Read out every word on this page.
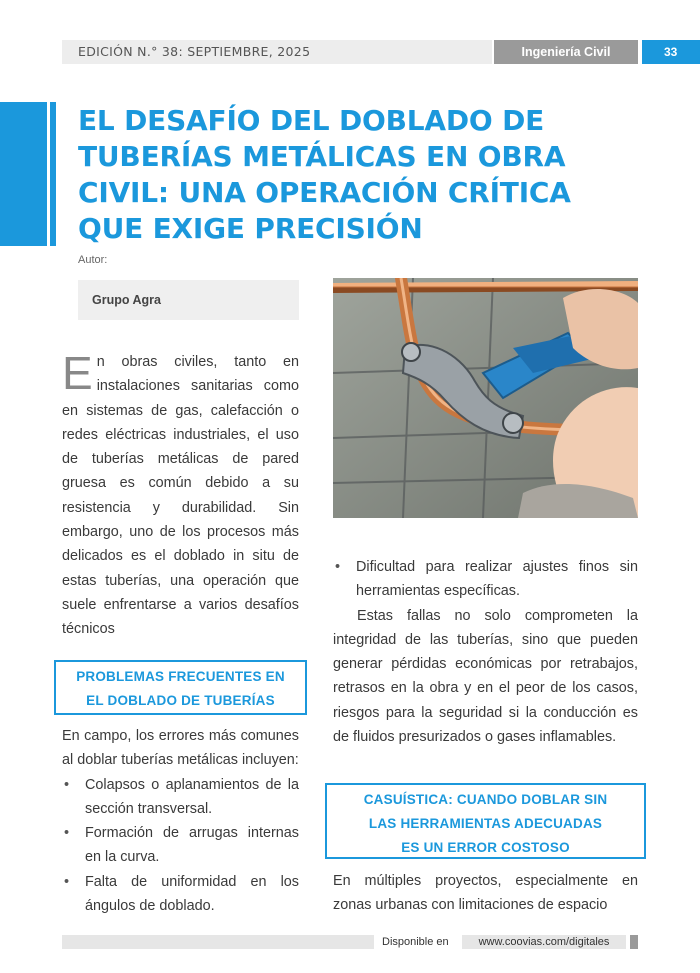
EDICIÓN N.° 38: SEPTIEMBRE, 2025	Ingeniería Civil	33
EL DESAFÍO DEL DOBLADO DE TUBERÍAS METÁLICAS EN OBRA CIVIL: UNA OPERACIÓN CRÍTICA QUE EXIGE PRECISIÓN
Autor:
Grupo Agra
En obras civiles, tanto en instalaciones sanitarias como en sistemas de gas, calefacción o redes eléctricas industriales, el uso de tuberías metálicas de pared gruesa es común debido a su resistencia y durabilidad. Sin embargo, uno de los procesos más delicados es el doblado in situ de estas tuberías, una operación que suele enfrentarse a varios desafíos técnicos
PROBLEMAS FRECUENTES EN
EL DOBLADO DE TUBERÍAS

En campo, los errores más comunes al doblar tuberías metálicas incluyen:

• Colapsos o aplanamientos de la sección transversal.
• Formación de arrugas internas en la curva.
• Falta de uniformidad en los ángulos de doblado.
• Dificultad para realizar ajustes finos sin herramientas específicas.

Estas fallas no solo comprometen la integridad de las tuberías, sino que pueden generar pérdidas económicas por retrabajos, retrasos en la obra y en el peor de los casos, riesgos para la seguridad si la conducción es de fluidos presurizados o gases inflamables.

CASUÍSTICA: CUANDO DOBLAR SIN
LAS HERRAMIENTAS ADECUADAS
ES UN ERROR COSTOSO

En múltiples proyectos, especialmente en zonas urbanas con limitaciones de espacio

Disponible en	www.coovias.com/digitales
